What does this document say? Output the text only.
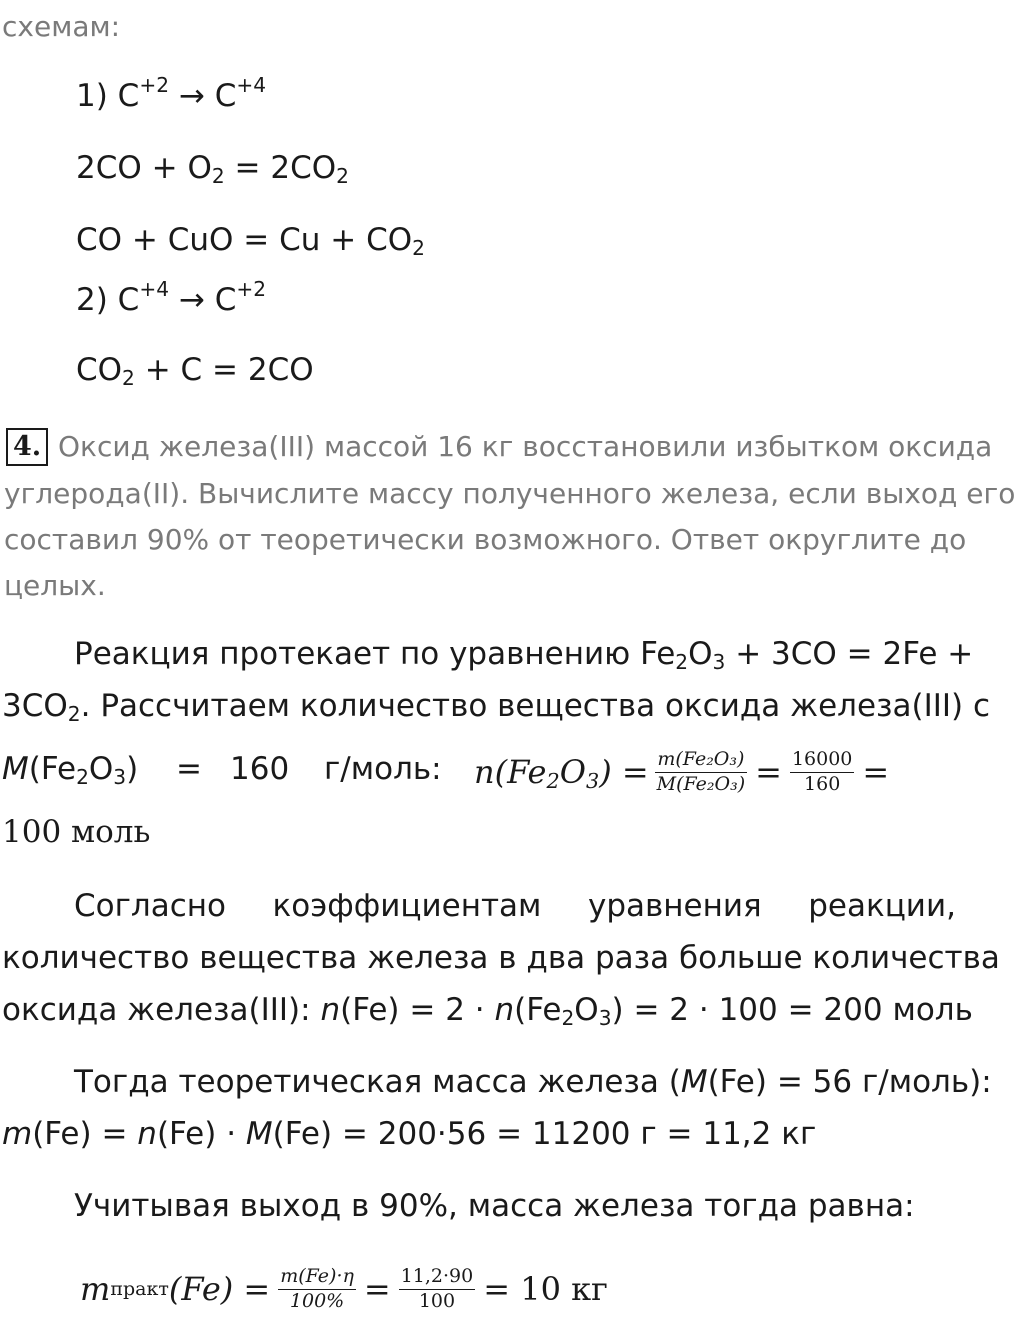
схемам:
1) $C^{+2} \to C^{+4}$
$2CO + O_2 = 2CO_2$
CO + CuO = $Cu + CO_2$
2) $C^{+4} \to C^{+2}$
$CO_2 + C = 2CO$
4. Оксид железа(III) массой 16 кг восстановили избытком оксида
углерода(II). Вычислите массу полученного железа, если выход его
составил 90% от теоретически возможного. Ответ округлите до
целых.
Реакция протекает по уравнению $Fe_2O_3 + 3CO = 2Fe$ +
$3CO_2$. Рассчитаем количество вещества оксида железа(III) с
$M(Fe_2O_3) = 160$ г/моль: $n(Fe_2O_3) = \frac{\text{m(Fe₂O₃)}}{\text{M(Fe₂O₃)}} = \frac{16000}{160}$ =
100 моль
Согласно коэффициентам уравнения реакции,
количество вещества железа в два раза больше количества
оксида железа(III): $n(Fe) = 2 \cdot n(Fe_2O_3) = 2 \cdot 100 = 200$ моль
Тогда теоретическая масса железа (M(Fe) = 56 г/моль):
m(Fe) = n(Fe) · M(Fe) = 200·56 = 11200 г = 11,2 кг
Учитывая выход в 90%, масса железа тогда равна:
m практ $(Fe) = \frac{m(Fe)\cdot\eta}{100\%} = \frac{11,2\cdot 90}{100} = 10$ кг
